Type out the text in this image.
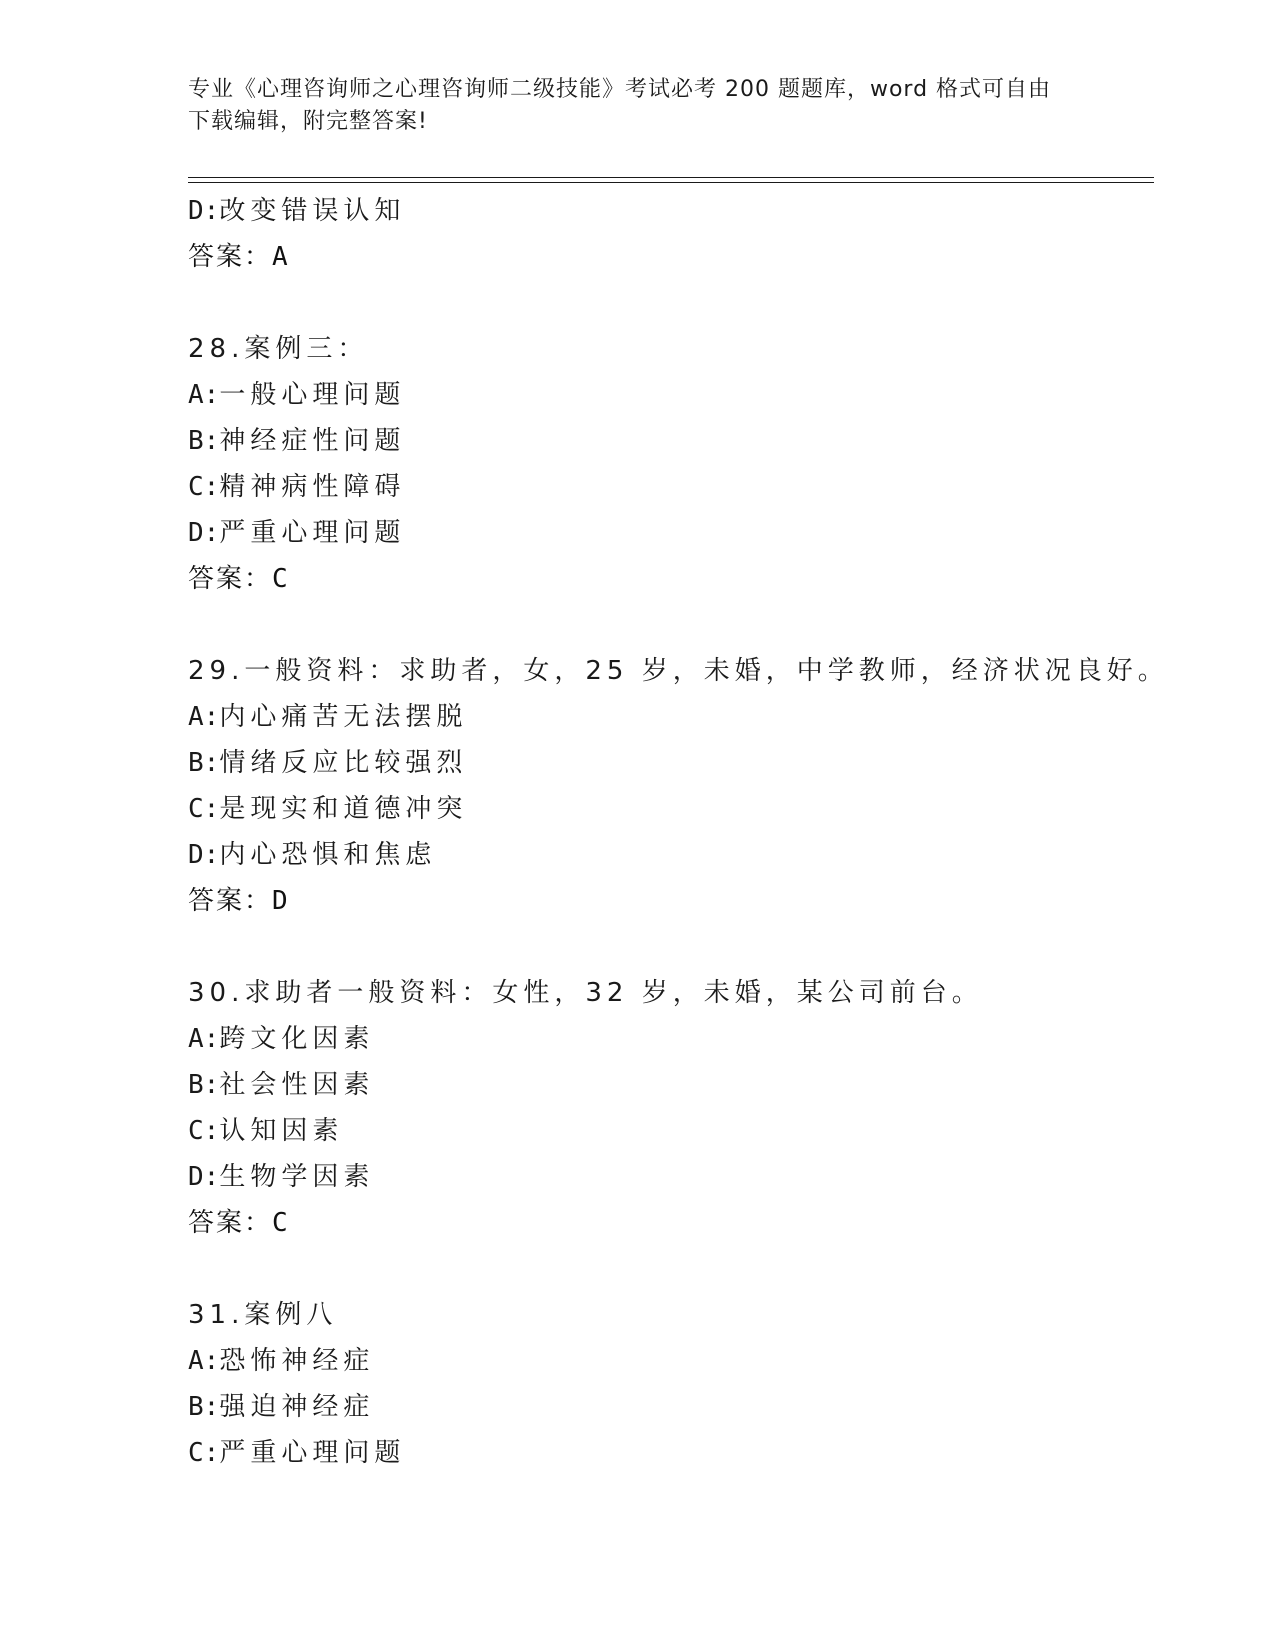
专业《心理咨询师之心理咨询师二级技能》考试必考 200 题题库，word 格式可自由下载编辑，附完整答案!
D:改变错误认知
答案：A
28.案例三：
A:一般心理问题
B:神经症性问题
C:精神病性障碍
D:严重心理问题
答案：C
29.一般资料：求助者，女，25 岁，未婚，中学教师，经济状况良好。
A:内心痛苦无法摆脱
B:情绪反应比较强烈
C:是现实和道德冲突
D:内心恐惧和焦虑
答案：D
30.求助者一般资料：女性，32 岁，未婚，某公司前台。
A:跨文化因素
B:社会性因素
C:认知因素
D:生物学因素
答案：C
31.案例八
A:恐怖神经症
B:强迫神经症
C:严重心理问题
